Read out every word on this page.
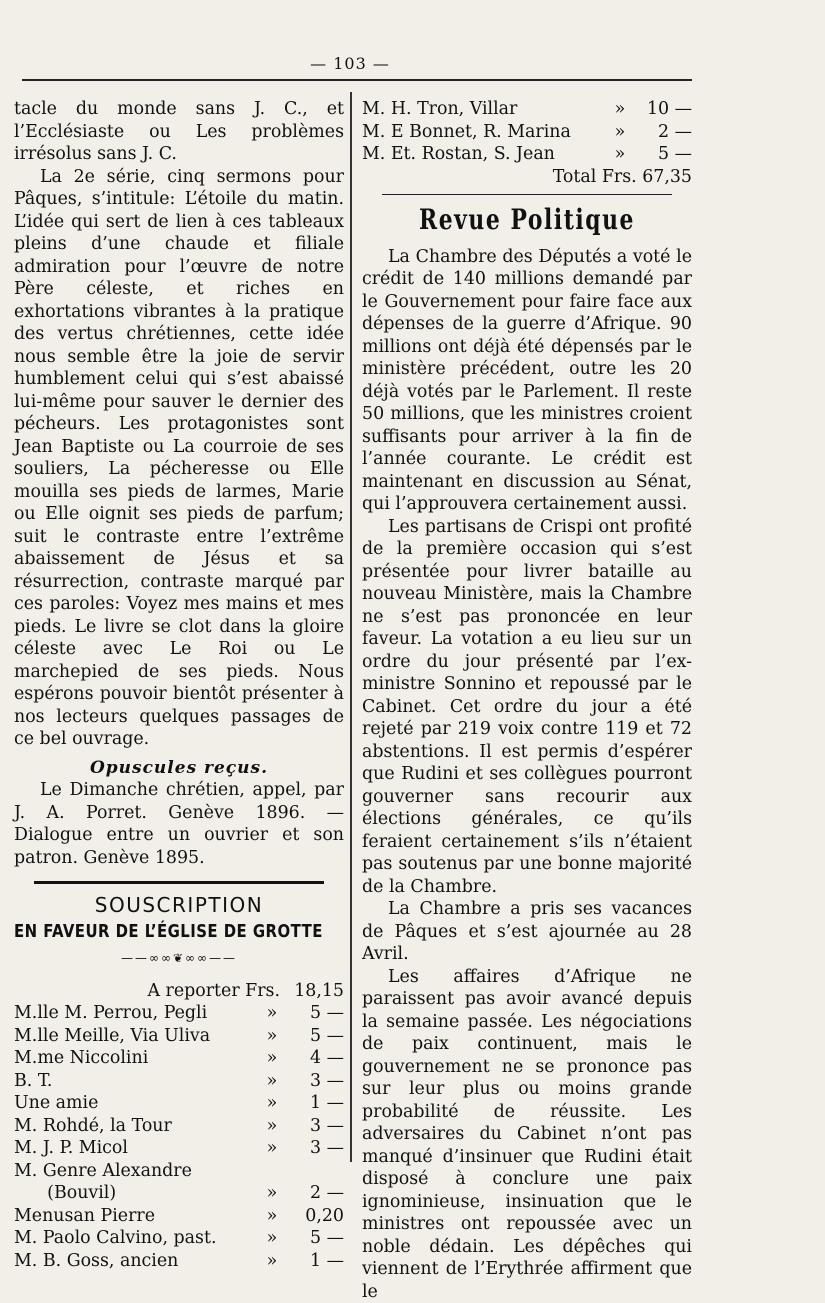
— 103 —

tacle du monde sans J. C., et l’Ecclésiaste ou Les problèmes irrésolus sans J. C.

La 2e série, cinq sermons pour Pâques, s’intitule: L’étoile du matin. L’idée qui sert de lien à ces tableaux pleins d’une chaude et filiale admiration pour l’œuvre de notre Père céleste, et riches en exhortations vibrantes à la pratique des vertus chrétiennes, cette idée nous semble être la joie de servir humblement celui qui s’est abaissé lui-même pour sauver le dernier des pécheurs. Les protagonistes sont Jean Baptiste ou La courroie de ses souliers, La pécheresse ou Elle mouilla ses pieds de larmes, Marie ou Elle oignit ses pieds de parfum; suit le contraste entre l’extrême abaissement de Jésus et sa résurrection, contraste marqué par ces paroles: Voyez mes mains et mes pieds. Le livre se clot dans la gloire céleste avec Le Roi ou Le marchepied de ses pieds. Nous espérons pouvoir bientôt présenter à nos lecteurs quelques passages de ce bel ouvrage.

Opuscules reçus.

Le Dimanche chrétien, appel, par J. A. Porret. Genève 1896. — Dialogue entre un ouvrier et son patron. Genève 1895.

SOUSCRIPTION
EN FAVEUR DE L’ÉGLISE DE GROTTE
——∞∞❦∞∞——
A reporter Frs. 18,15
M.lle M. Perrou, Pegli	»	5 —
M.lle Meille, Via Uliva	»	5 —
M.me Niccolini	»	4 —
B. T.	»	3 —
Une amie	»	1 —
M. Rohdé, la Tour	»	3 —
M. J. P. Micol	»	3 —
M. Genre Alexandre
(Bouvil)	»	2 —
Menusan Pierre	»	0,20
M. Paolo Calvino, past.	»	5 —
M. B. Goss, ancien	»	1 —
M. H. Tron, Villar	»	10 —
M. E Bonnet, R. Marina	»	2 —
M. Et. Rostan, S. Jean	»	5 —
Total Frs. 67,35
Revue Politique

La Chambre des Députés a voté le crédit de 140 millions demandé par le Gouvernement pour faire face aux dépenses de la guerre d’Afrique. 90 millions ont déjà été dépensés par le ministère précédent, outre les 20 déjà votés par le Parlement. Il reste 50 millions, que les ministres croient suffisants pour arriver à la fin de l’année courante. Le crédit est maintenant en discussion au Sénat, qui l’approuvera certainement aussi.

Les partisans de Crispi ont profité de la première occasion qui s’est présentée pour livrer bataille au nouveau Ministère, mais la Chambre ne s’est pas prononcée en leur faveur. La votation a eu lieu sur un ordre du jour présenté par l’ex-ministre Sonnino et repoussé par le Cabinet. Cet ordre du jour a été rejeté par 219 voix contre 119 et 72 abstentions. Il est permis d’espérer que Rudini et ses collègues pourront gouverner sans recourir aux élections générales, ce qu’ils feraient certainement s’ils n’étaient pas soutenus par une bonne majorité de la Chambre.

La Chambre a pris ses vacances de Pâques et s’est ajournée au 28 Avril.

Les affaires d’Afrique ne paraissent pas avoir avancé depuis la semaine passée. Les négociations de paix continuent, mais le gouvernement ne se prononce pas sur leur plus ou moins grande probabilité de réussite. Les adversaires du Cabinet n’ont pas manqué d’insinuer que Rudini était disposé à conclure une paix ignominieuse, insinuation que le ministres ont repoussée avec un noble dédain. Les dépêches qui viennent de l’Erythrée affirment que le
